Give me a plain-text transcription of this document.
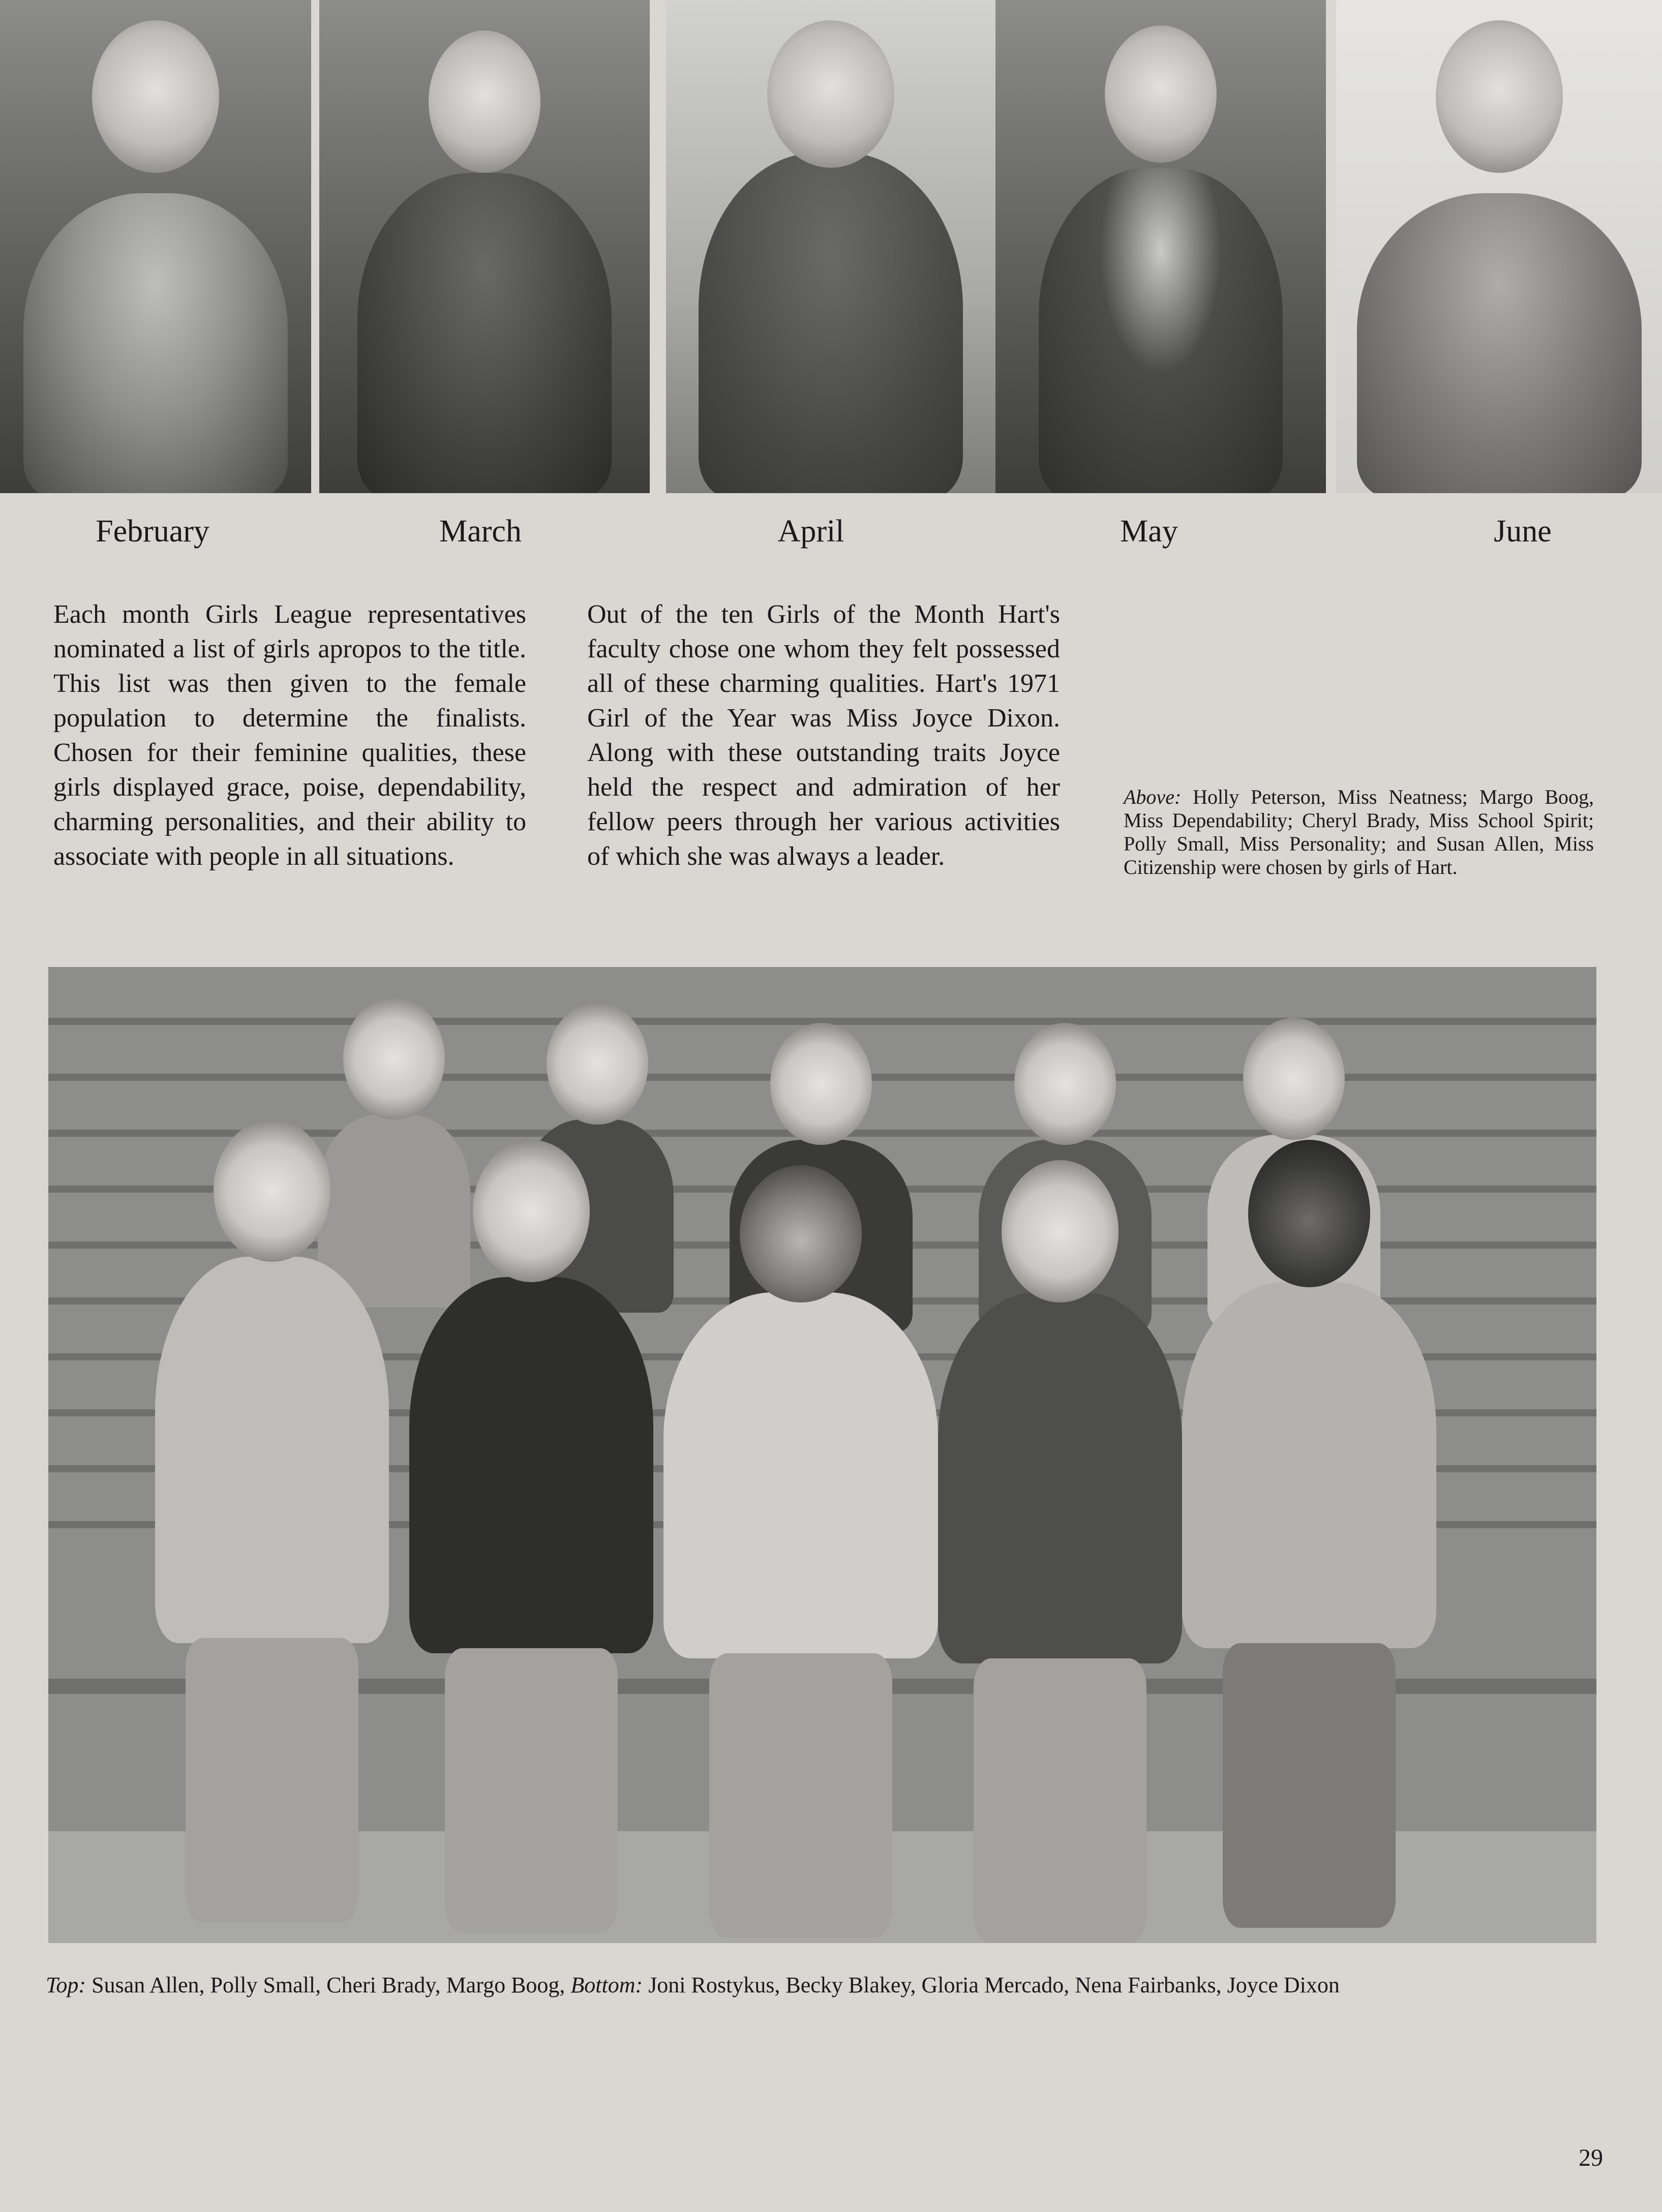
February	March	April	May	June
Each month Girls League representatives nominated a list of girls apropos to the title. This list was then given to the female population to determine the finalists. Chosen for their feminine qualities, these girls displayed grace, poise, dependability, charming personalities, and their ability to associate with people in all situations.
Out of the ten Girls of the Month Hart's faculty chose one whom they felt possessed all of these charming qualities. Hart's 1971 Girl of the Year was Miss Joyce Dixon. Along with these outstanding traits Joyce held the respect and admiration of her fellow peers through her various activities of which she was always a leader.
Above: Holly Peterson, Miss Neatness; Margo Boog, Miss Dependability; Cheryl Brady, Miss School Spirit; Polly Small, Miss Personality; and Susan Allen, Miss Citizenship were chosen by girls of Hart.
Top: Susan Allen, Polly Small, Cheri Brady, Margo Boog, Bottom: Joni Rostykus, Becky Blakey, Gloria Mercado, Nena Fairbanks, Joyce Dixon
29
